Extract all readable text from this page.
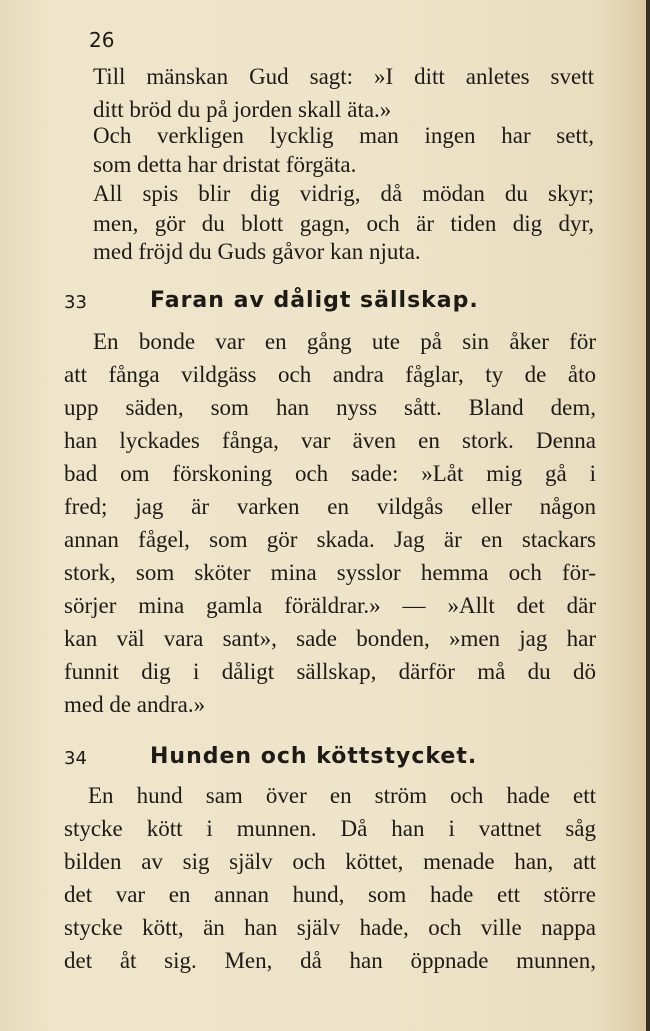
26
Till mänskan Gud sagt: »I ditt anletes svett
ditt bröd du på jorden skall äta.»
Och verkligen lycklig man ingen har sett,
som detta har dristat förgäta.
All spis blir dig vidrig, då mödan du skyr;
men, gör du blott gagn, och är tiden dig dyr,
med fröjd du Guds gåvor kan njuta.
33	Faran av dåligt sällskap.
En bonde var en gång ute på sin åker för
att fånga vildgäss och andra fåglar, ty de åto
upp säden, som han nyss sått. Bland dem,
han lyckades fånga, var även en stork. Denna
bad om förskoning och sade: »Låt mig gå i
fred; jag är varken en vildgås eller någon
annan fågel, som gör skada. Jag är en stackars
stork, som sköter mina sysslor hemma och för-
sörjer mina gamla föräldrar.» — »Allt det där
kan väl vara sant», sade bonden, »men jag har
funnit dig i dåligt sällskap, därför må du dö
med de andra.»
34	Hunden och köttstycket.
En hund sam över en ström och hade ett
stycke kött i munnen. Då han i vattnet såg
bilden av sig själv och köttet, menade han, att
det var en annan hund, som hade ett större
stycke kött, än han själv hade, och ville nappa
det åt sig. Men, då han öppnade munnen,
